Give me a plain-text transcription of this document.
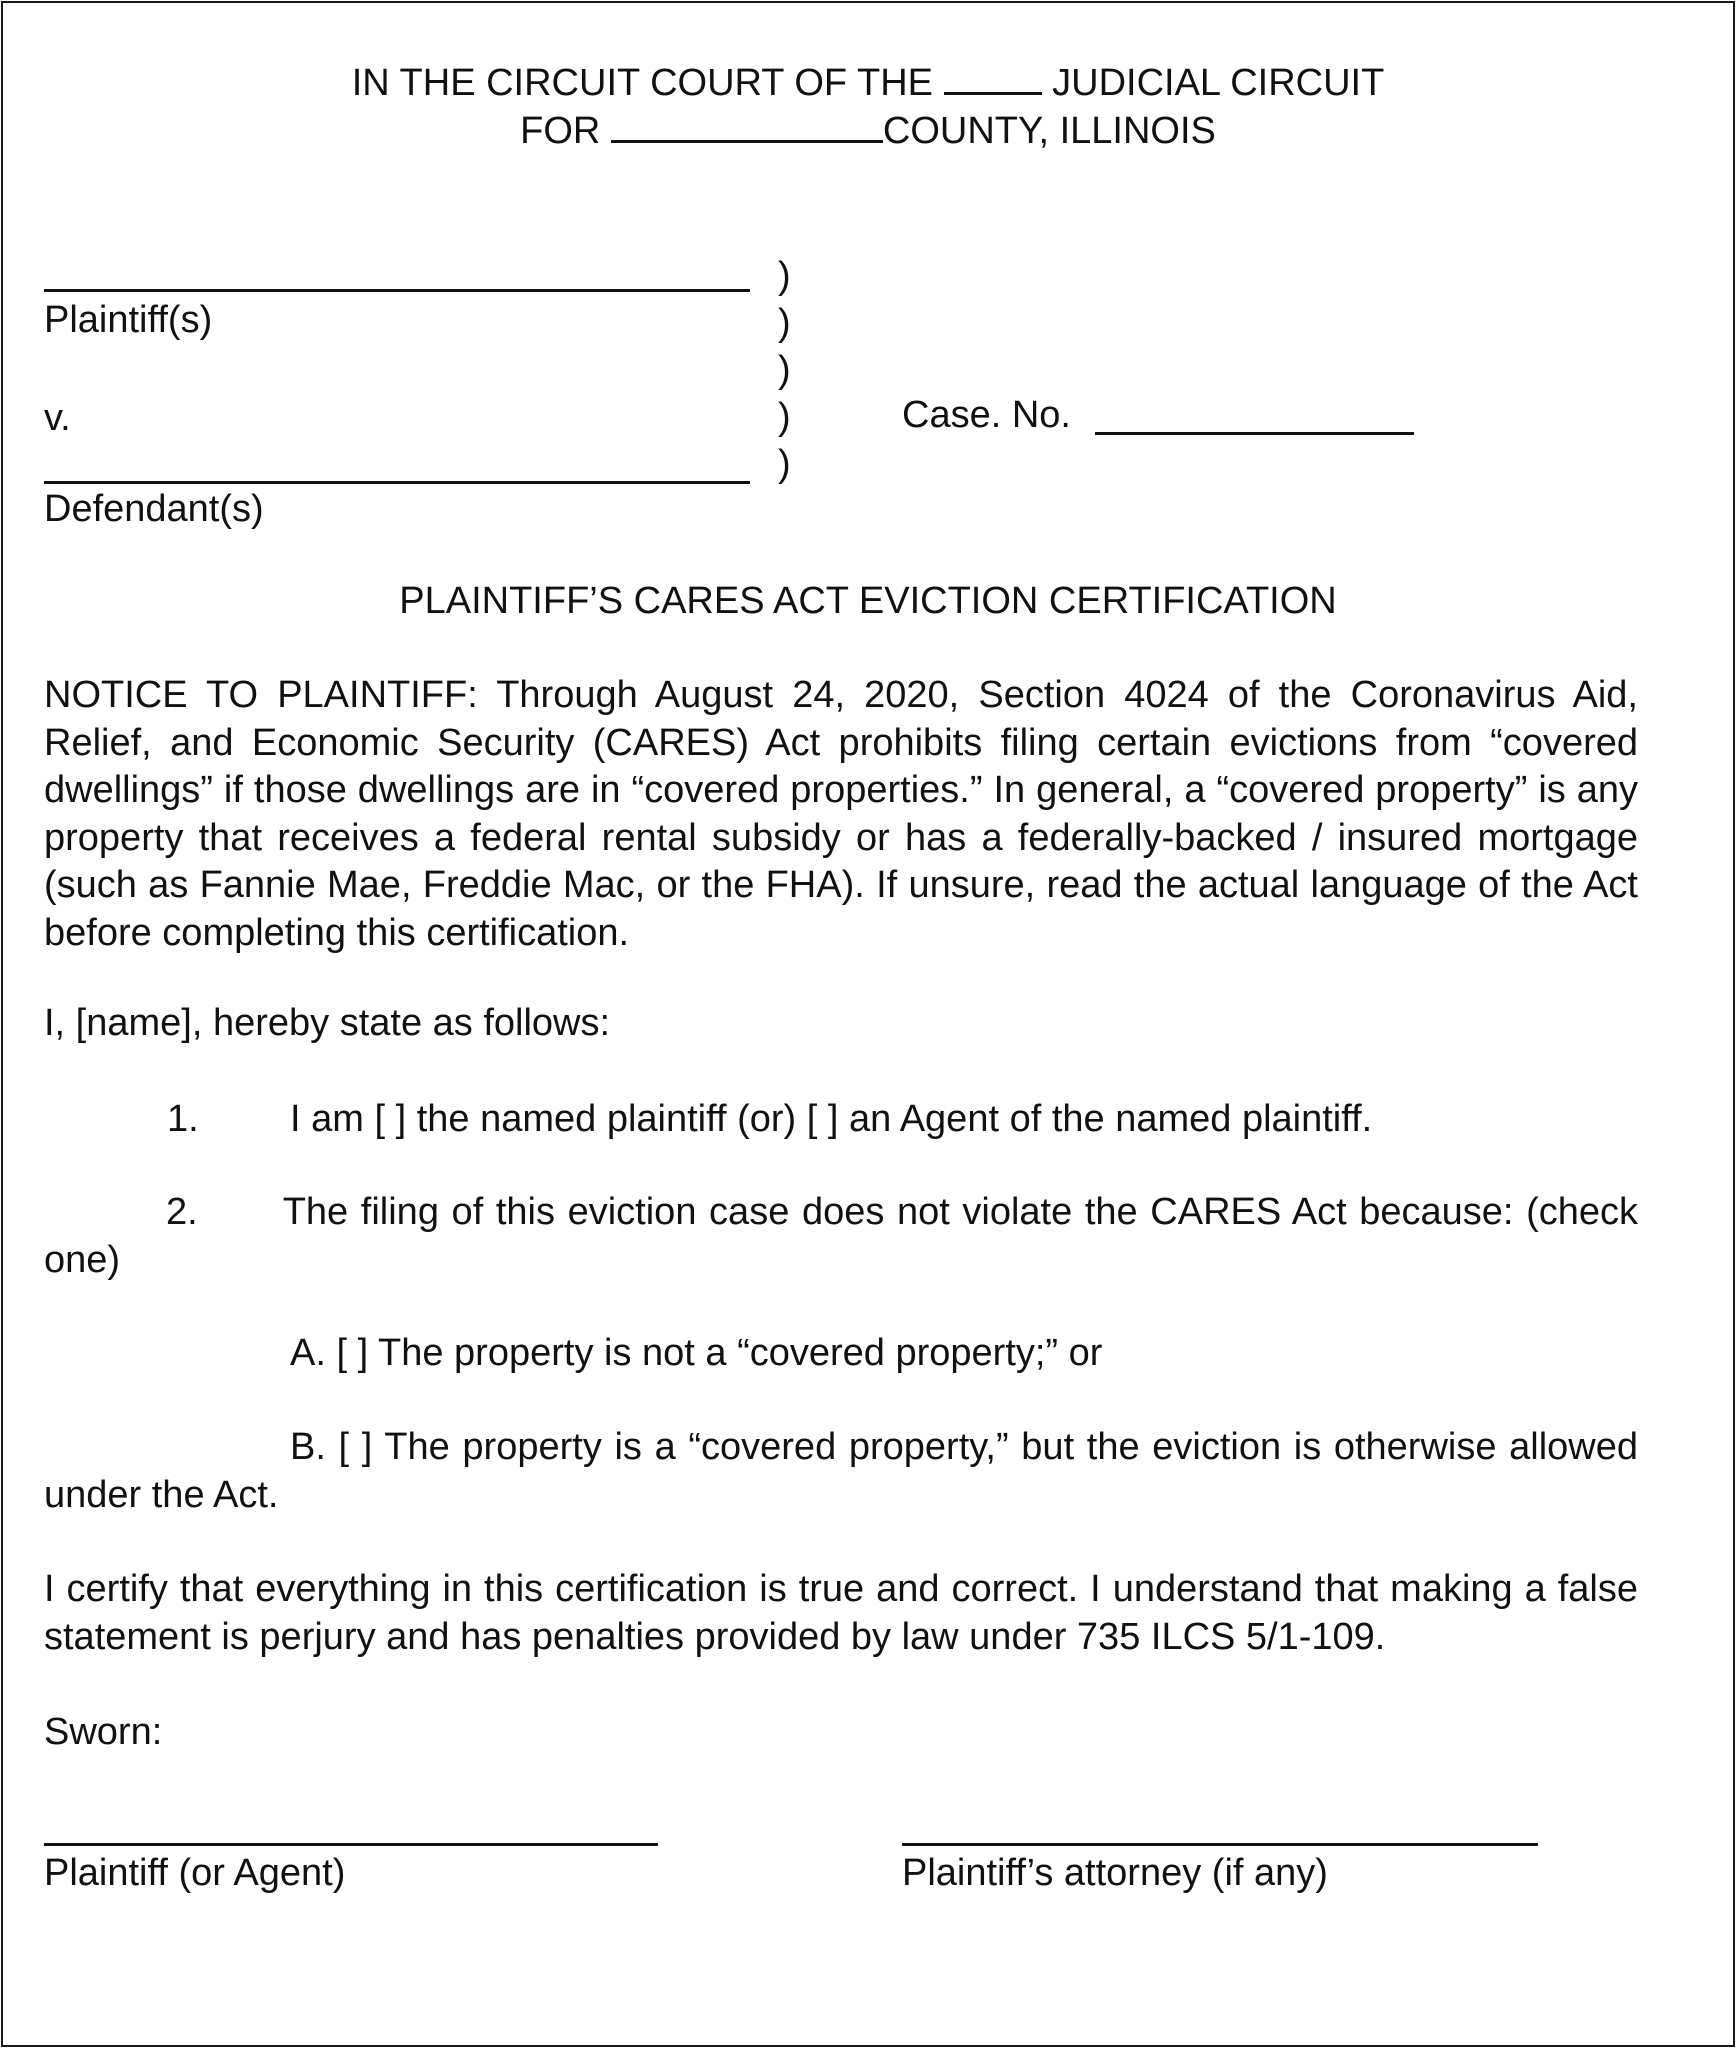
IN THE CIRCUIT COURT OF THE	JUDICIAL CIRCUIT
FOR	COUNTY, ILLINOIS
Plaintiff(s)
v.
Defendant(s)
)
)
)
)
)
Case. No.
PLAINTIFF’S CARES ACT EVICTION CERTIFICATION
NOTICE TO PLAINTIFF: Through August 24, 2020, Section 4024 of the Coronavirus Aid, Relief, and Economic Security (CARES) Act prohibits filing certain evictions from “covered dwellings” if those dwellings are in “covered properties.” In general, a “covered property” is any property that receives a federal rental subsidy or has a federally-backed / insured mortgage (such as Fannie Mae, Freddie Mac, or the FHA). If unsure, read the actual language of the Act before completing this certification.
I, [name], hereby state as follows:
1. I am [ ] the named plaintiff (or) [ ] an Agent of the named plaintiff.
2. The filing of this eviction case does not violate the CARES Act because: (check one)
A. [ ] The property is not a “covered property;” or
B. [ ] The property is a “covered property,” but the eviction is otherwise allowed under the Act.
I certify that everything in this certification is true and correct. I understand that making a false statement is perjury and has penalties provided by law under 735 ILCS 5/1-109.
Sworn:
Plaintiff (or Agent)	Plaintiff’s attorney (if any)
